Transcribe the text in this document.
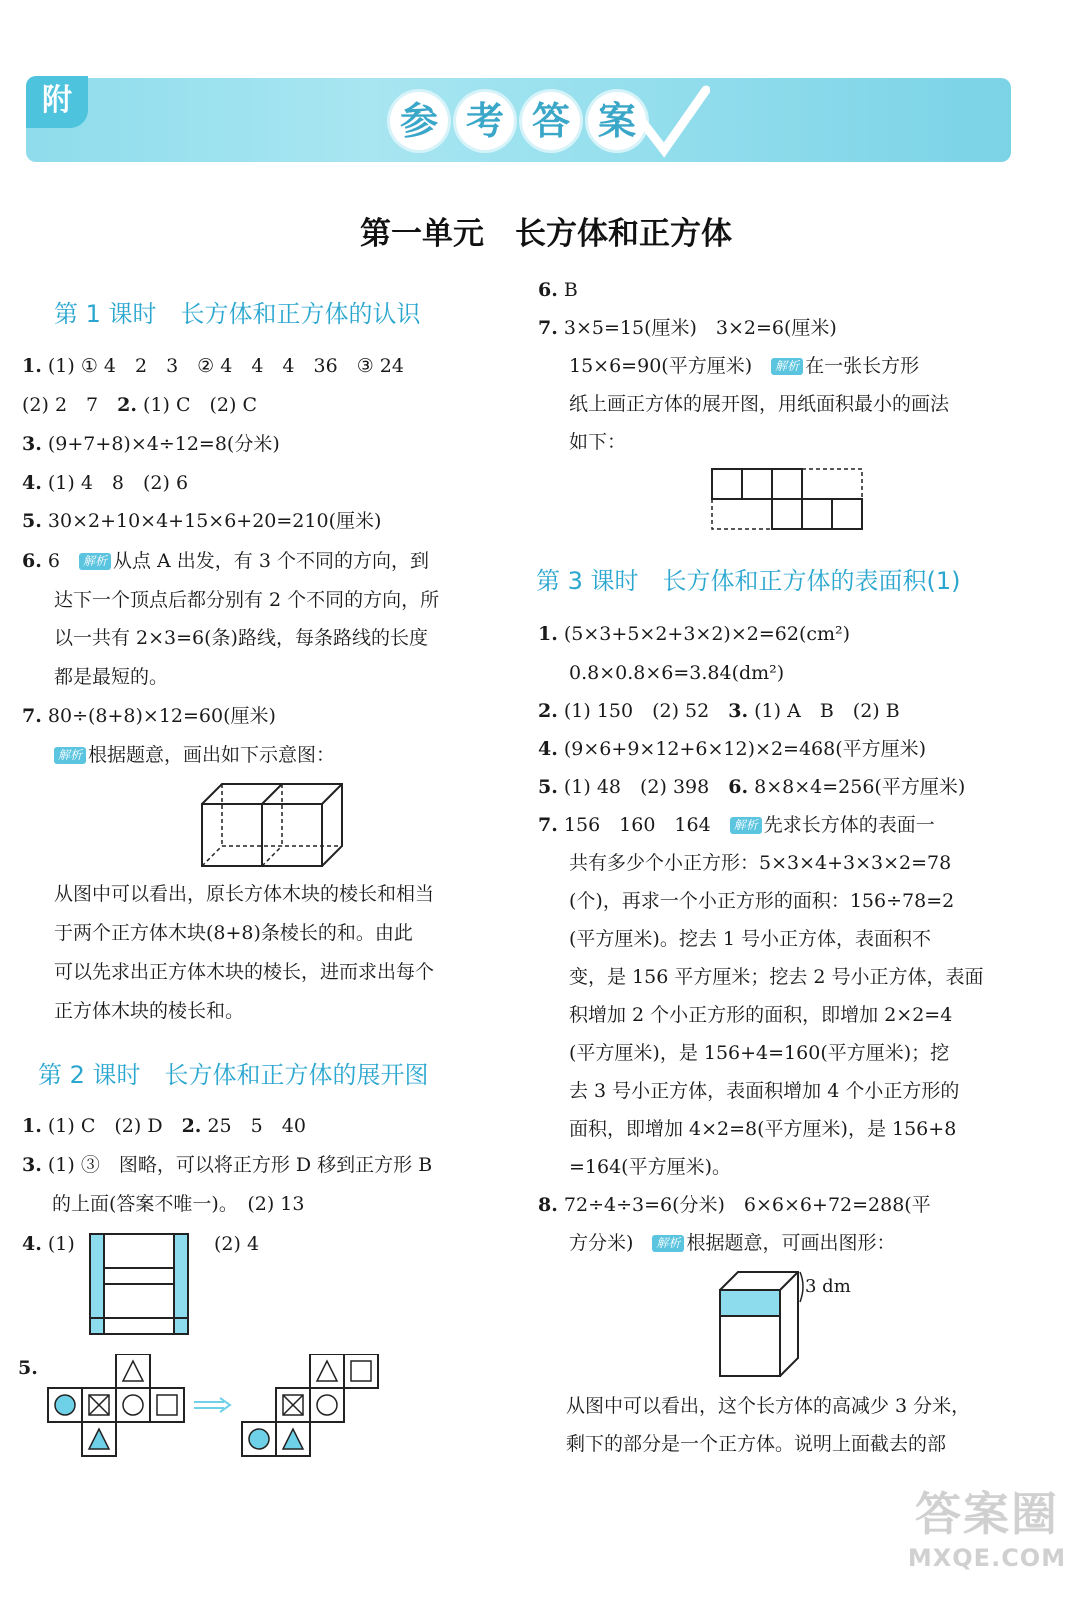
附	参 考 答 案
第一单元　长方体和正方体
第 1 课时　长方体和正方体的认识
1. (1) ① 4　2　3　② 4　4　4　36　③ 24
(2) 2　7　2. (1) C　(2) C
3. (9+7+8)×4÷12=8(分米)
4. (1) 4　8　(2) 6
5. 30×2+10×4+15×6+20=210(厘米)
6. 6　解析 从点 A 出发，有 3 个不同的方向，到
达下一个顶点后都分别有 2 个不同的方向，所
以一共有 2×3=6(条)路线，每条路线的长度
都是最短的。
7. 80÷(8+8)×12=60(厘米)
解析 根据题意，画出如下示意图：
从图中可以看出，原长方体木块的棱长和相当
于两个正方体木块(8+8)条棱长的和。由此
可以先求出正方体木块的棱长，进而求出每个
正方体木块的棱长和。
第 2 课时　长方体和正方体的展开图
1. (1) C　(2) D　2. 25　5　40
3. (1) ③　图略，可以将正方形 D 移到正方形 B
的上面(答案不唯一)。　(2) 13
4. (1)	(2) 4
5.
6. B
7. 3×5=15(厘米)　3×2=6(厘米)
15×6=90(平方厘米)　解析 在一张长方形
纸上画正方体的展开图，用纸面积最小的画法
如下：
第 3 课时　长方体和正方体的表面积(1)
1. (5×3+5×2+3×2)×2=62(cm²)
0.8×0.8×6=3.84(dm²)
2. (1) 150　(2) 52　3. (1) A　B　(2) B
4. (9×6+9×12+6×12)×2=468(平方厘米)
5. (1) 48　(2) 398　6. 8×8×4=256(平方厘米)
7. 156　160　164　解析 先求长方体的表面一
共有多少个小正方形：5×3×4+3×3×2=78
(个)，再求一个小正方形的面积：156÷78=2
(平方厘米)。挖去 1 号小正方体，表面积不
变，是 156 平方厘米；挖去 2 号小正方体，表面
积增加 2 个小正方形的面积，即增加 2×2=4
(平方厘米)，是 156+4=160(平方厘米)；挖
去 3 号小正方体，表面积增加 4 个小正方形的
面积，即增加 4×2=8(平方厘米)，是 156+8
=164(平方厘米)。
8. 72÷4÷3=6(分米)　6×6×6+72=288(平
方分米)　解析 根据题意，可画出图形：
3 dm
从图中可以看出，这个长方体的高减少 3 分米，
剩下的部分是一个正方体。说明上面截去的部
答案圈
MXQE.COM
